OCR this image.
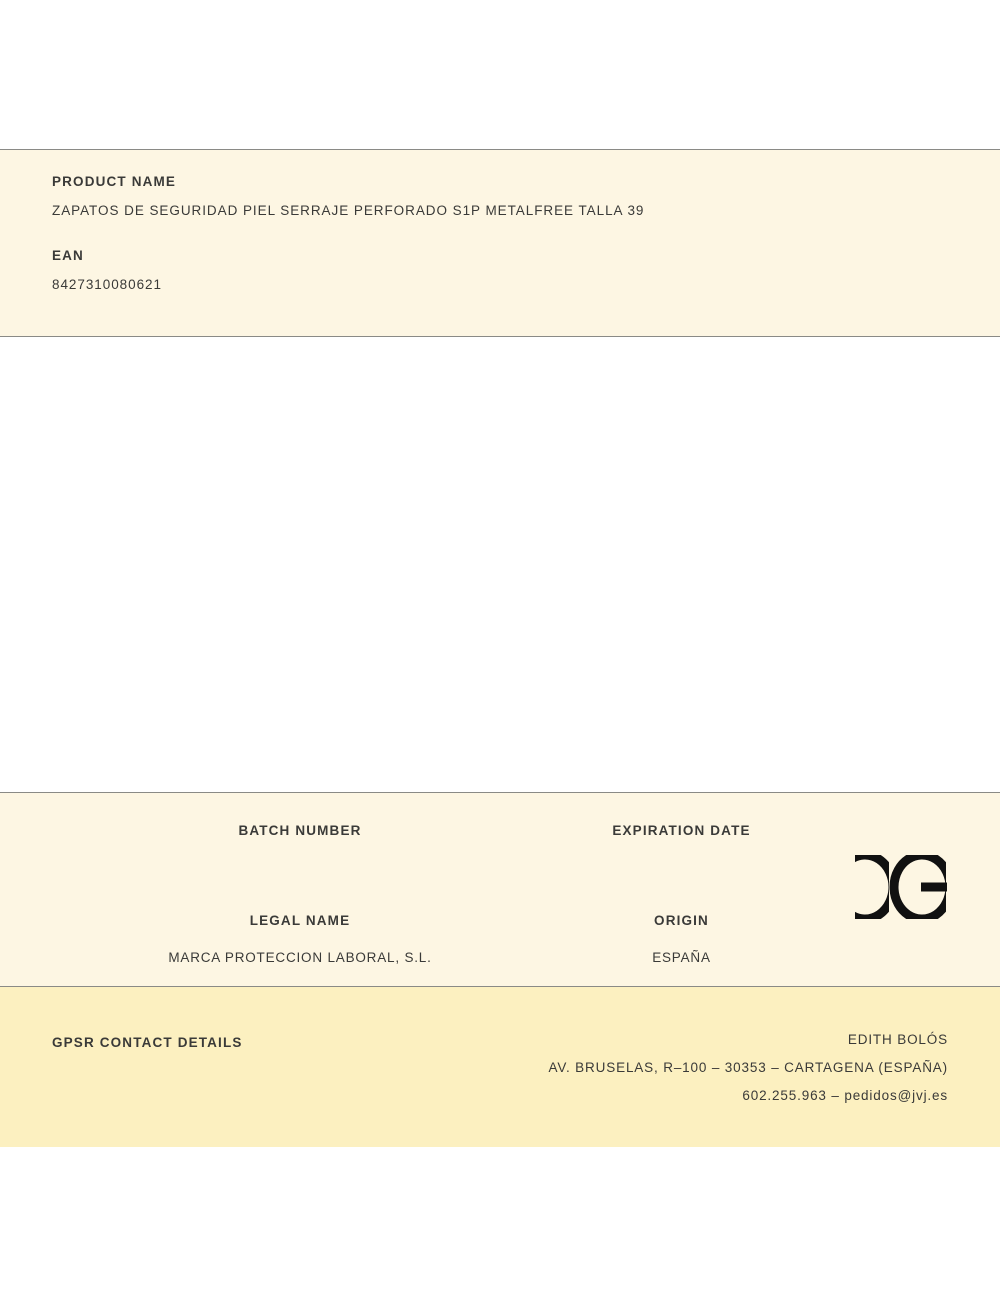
PRODUCT NAME

ZAPATOS DE SEGURIDAD PIEL SERRAJE PERFORADO S1P METALFREE TALLA 39

EAN

8427310080621

BATCH NUMBER	EXPIRATION DATE

LEGAL NAME

MARCA PROTECCION LABORAL, S.L.

ORIGIN

ESPAÑA

GPSR CONTACT DETAILS	EDITH BOLÓS

AV. BRUSELAS, R–100 – 30353 – CARTAGENA (ESPAÑA)

602.255.963 – pedidos@jvj.es
